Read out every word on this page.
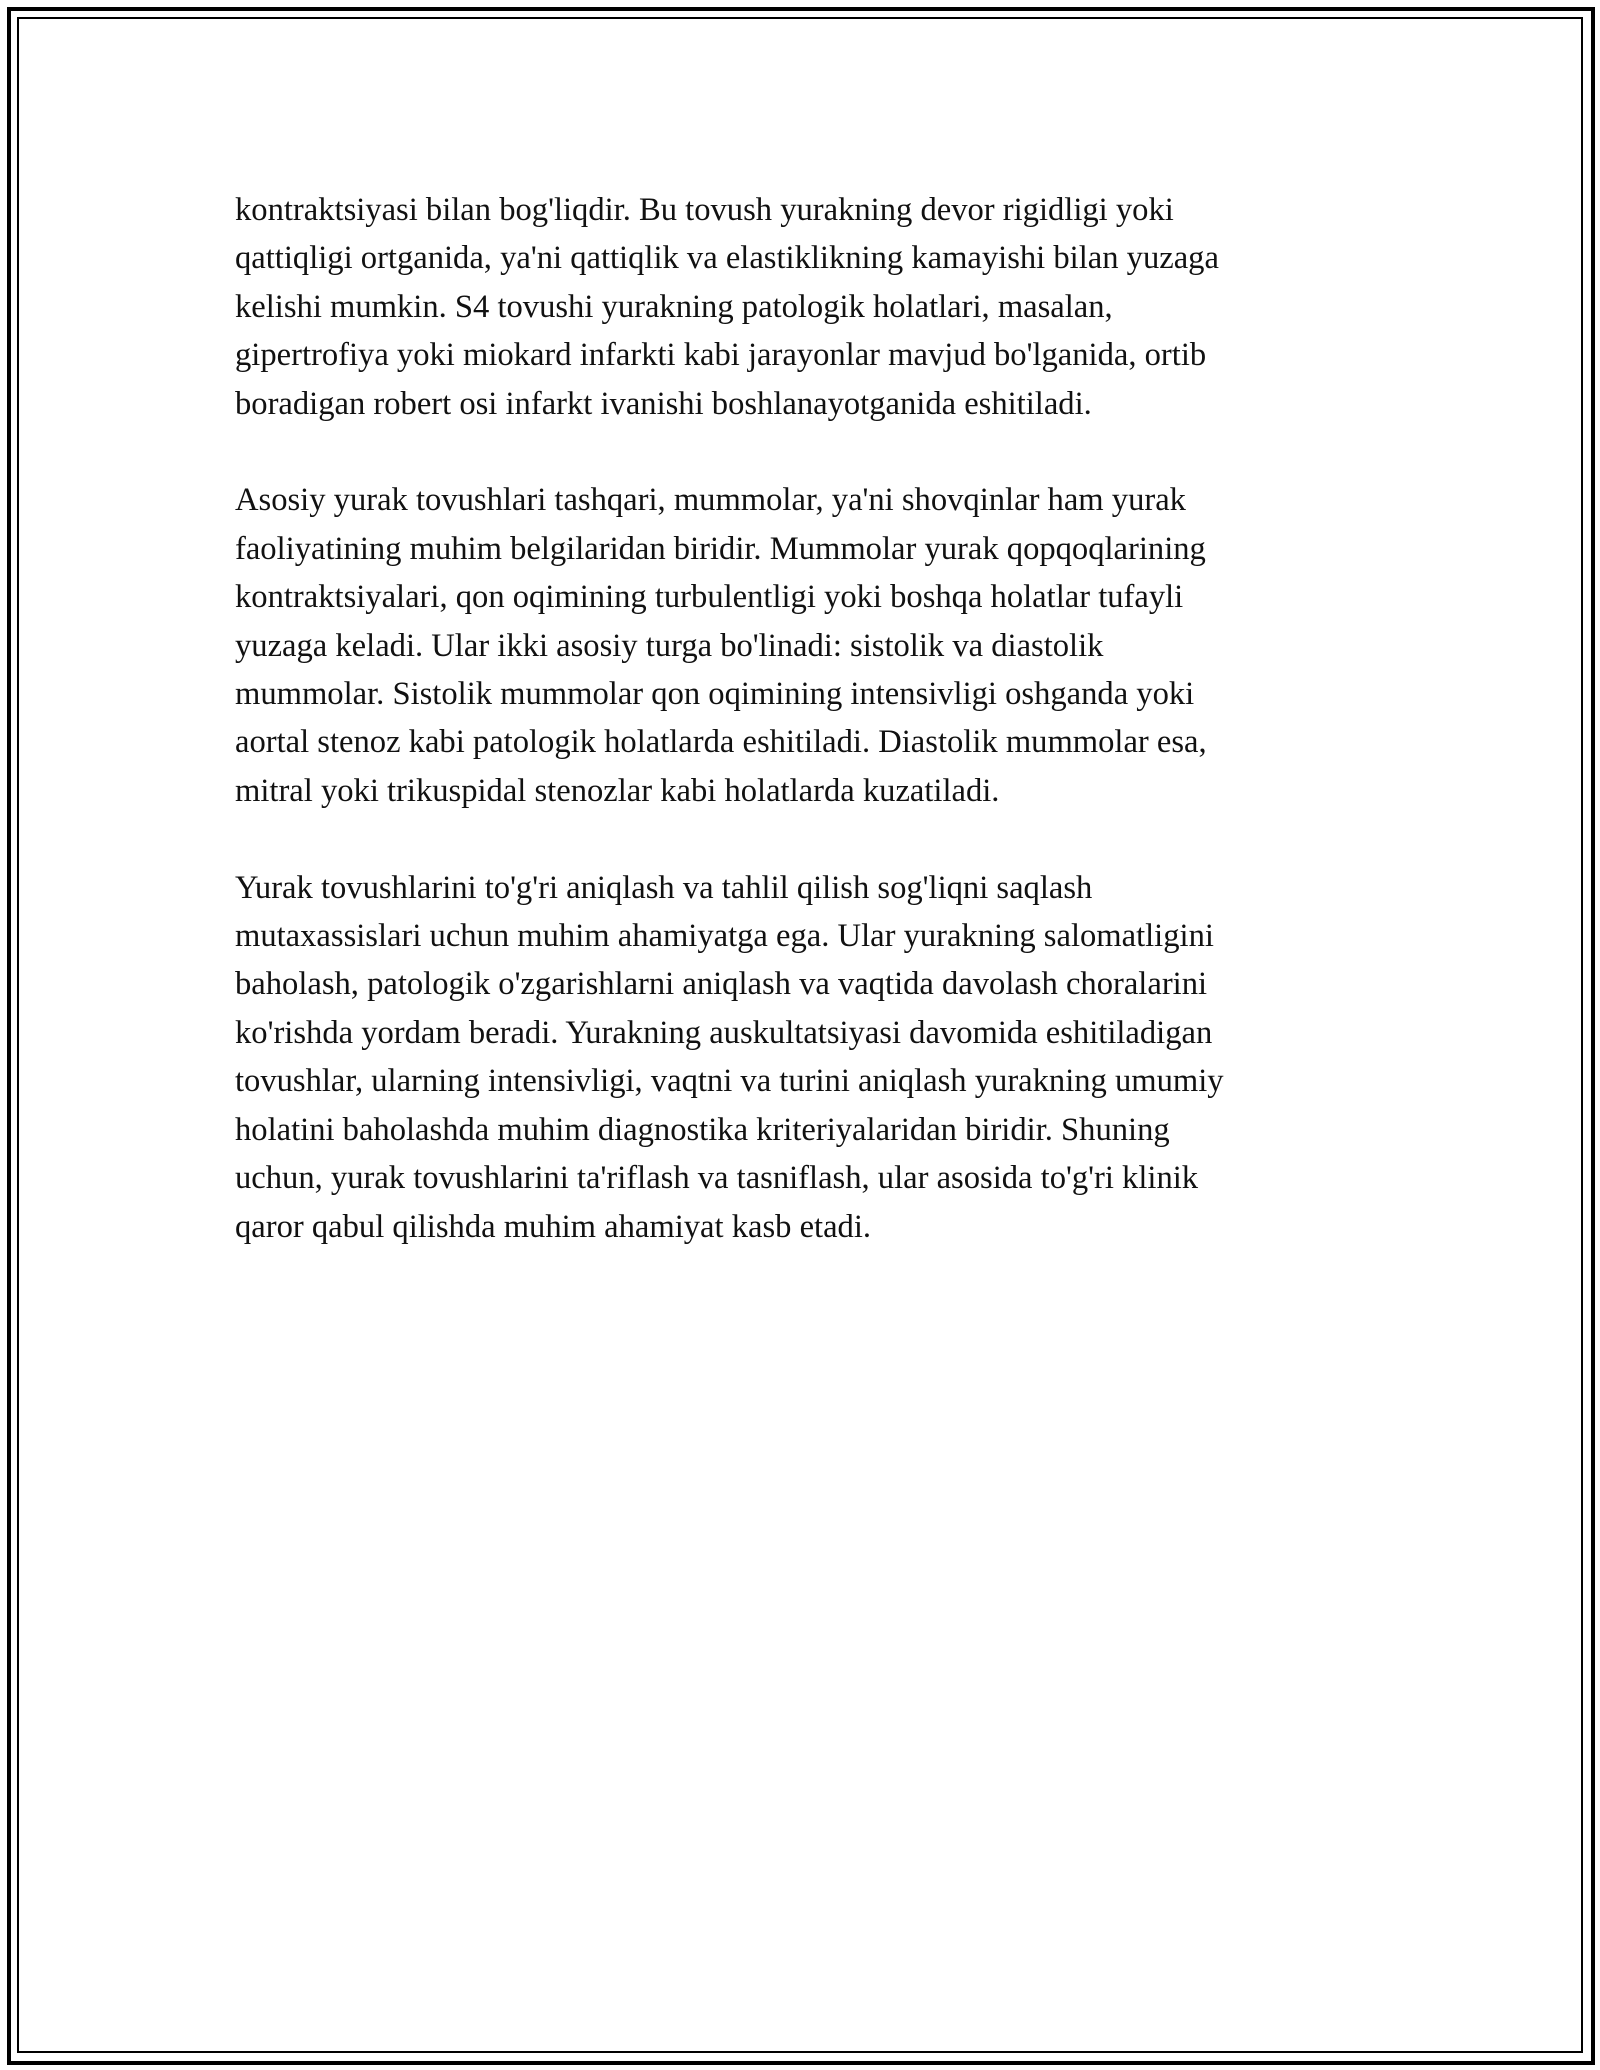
kontraktsiyasi bilan bog'liqdir. Bu tovush yurakning devor rigidligi yoki
qattiqligi ortganida, ya'ni qattiqlik va elastiklikning kamayishi bilan yuzaga
kelishi mumkin. S4 tovushi yurakning patologik holatlari, masalan,
gipertrofiya yoki miokard infarkti kabi jarayonlar mavjud bo'lganida, ortib
boradigan robert osi infarkt ivanishi boshlanayotganida eshitiladi.

Asosiy yurak tovushlari tashqari, mummolar, ya'ni shovqinlar ham yurak
faoliyatining muhim belgilaridan biridir. Mummolar yurak qopqoqlarining
kontraktsiyalari, qon oqimining turbulentligi yoki boshqa holatlar tufayli
yuzaga keladi. Ular ikki asosiy turga bo'linadi: sistolik va diastolik
mummolar. Sistolik mummolar qon oqimining intensivligi oshganda yoki
aortal stenoz kabi patologik holatlarda eshitiladi. Diastolik mummolar esa,
mitral yoki trikuspidal stenozlar kabi holatlarda kuzatiladi.

Yurak tovushlarini to'g'ri aniqlash va tahlil qilish sog'liqni saqlash
mutaxassislari uchun muhim ahamiyatga ega. Ular yurakning salomatligini
baholash, patologik o'zgarishlarni aniqlash va vaqtida davolash choralarini
ko'rishda yordam beradi. Yurakning auskultatsiyasi davomida eshitiladigan
tovushlar, ularning intensivligi, vaqtni va turini aniqlash yurakning umumiy
holatini baholashda muhim diagnostika kriteriyalaridan biridir. Shuning
uchun, yurak tovushlarini ta'riflash va tasniflash, ular asosida to'g'ri klinik
qaror qabul qilishda muhim ahamiyat kasb etadi.
